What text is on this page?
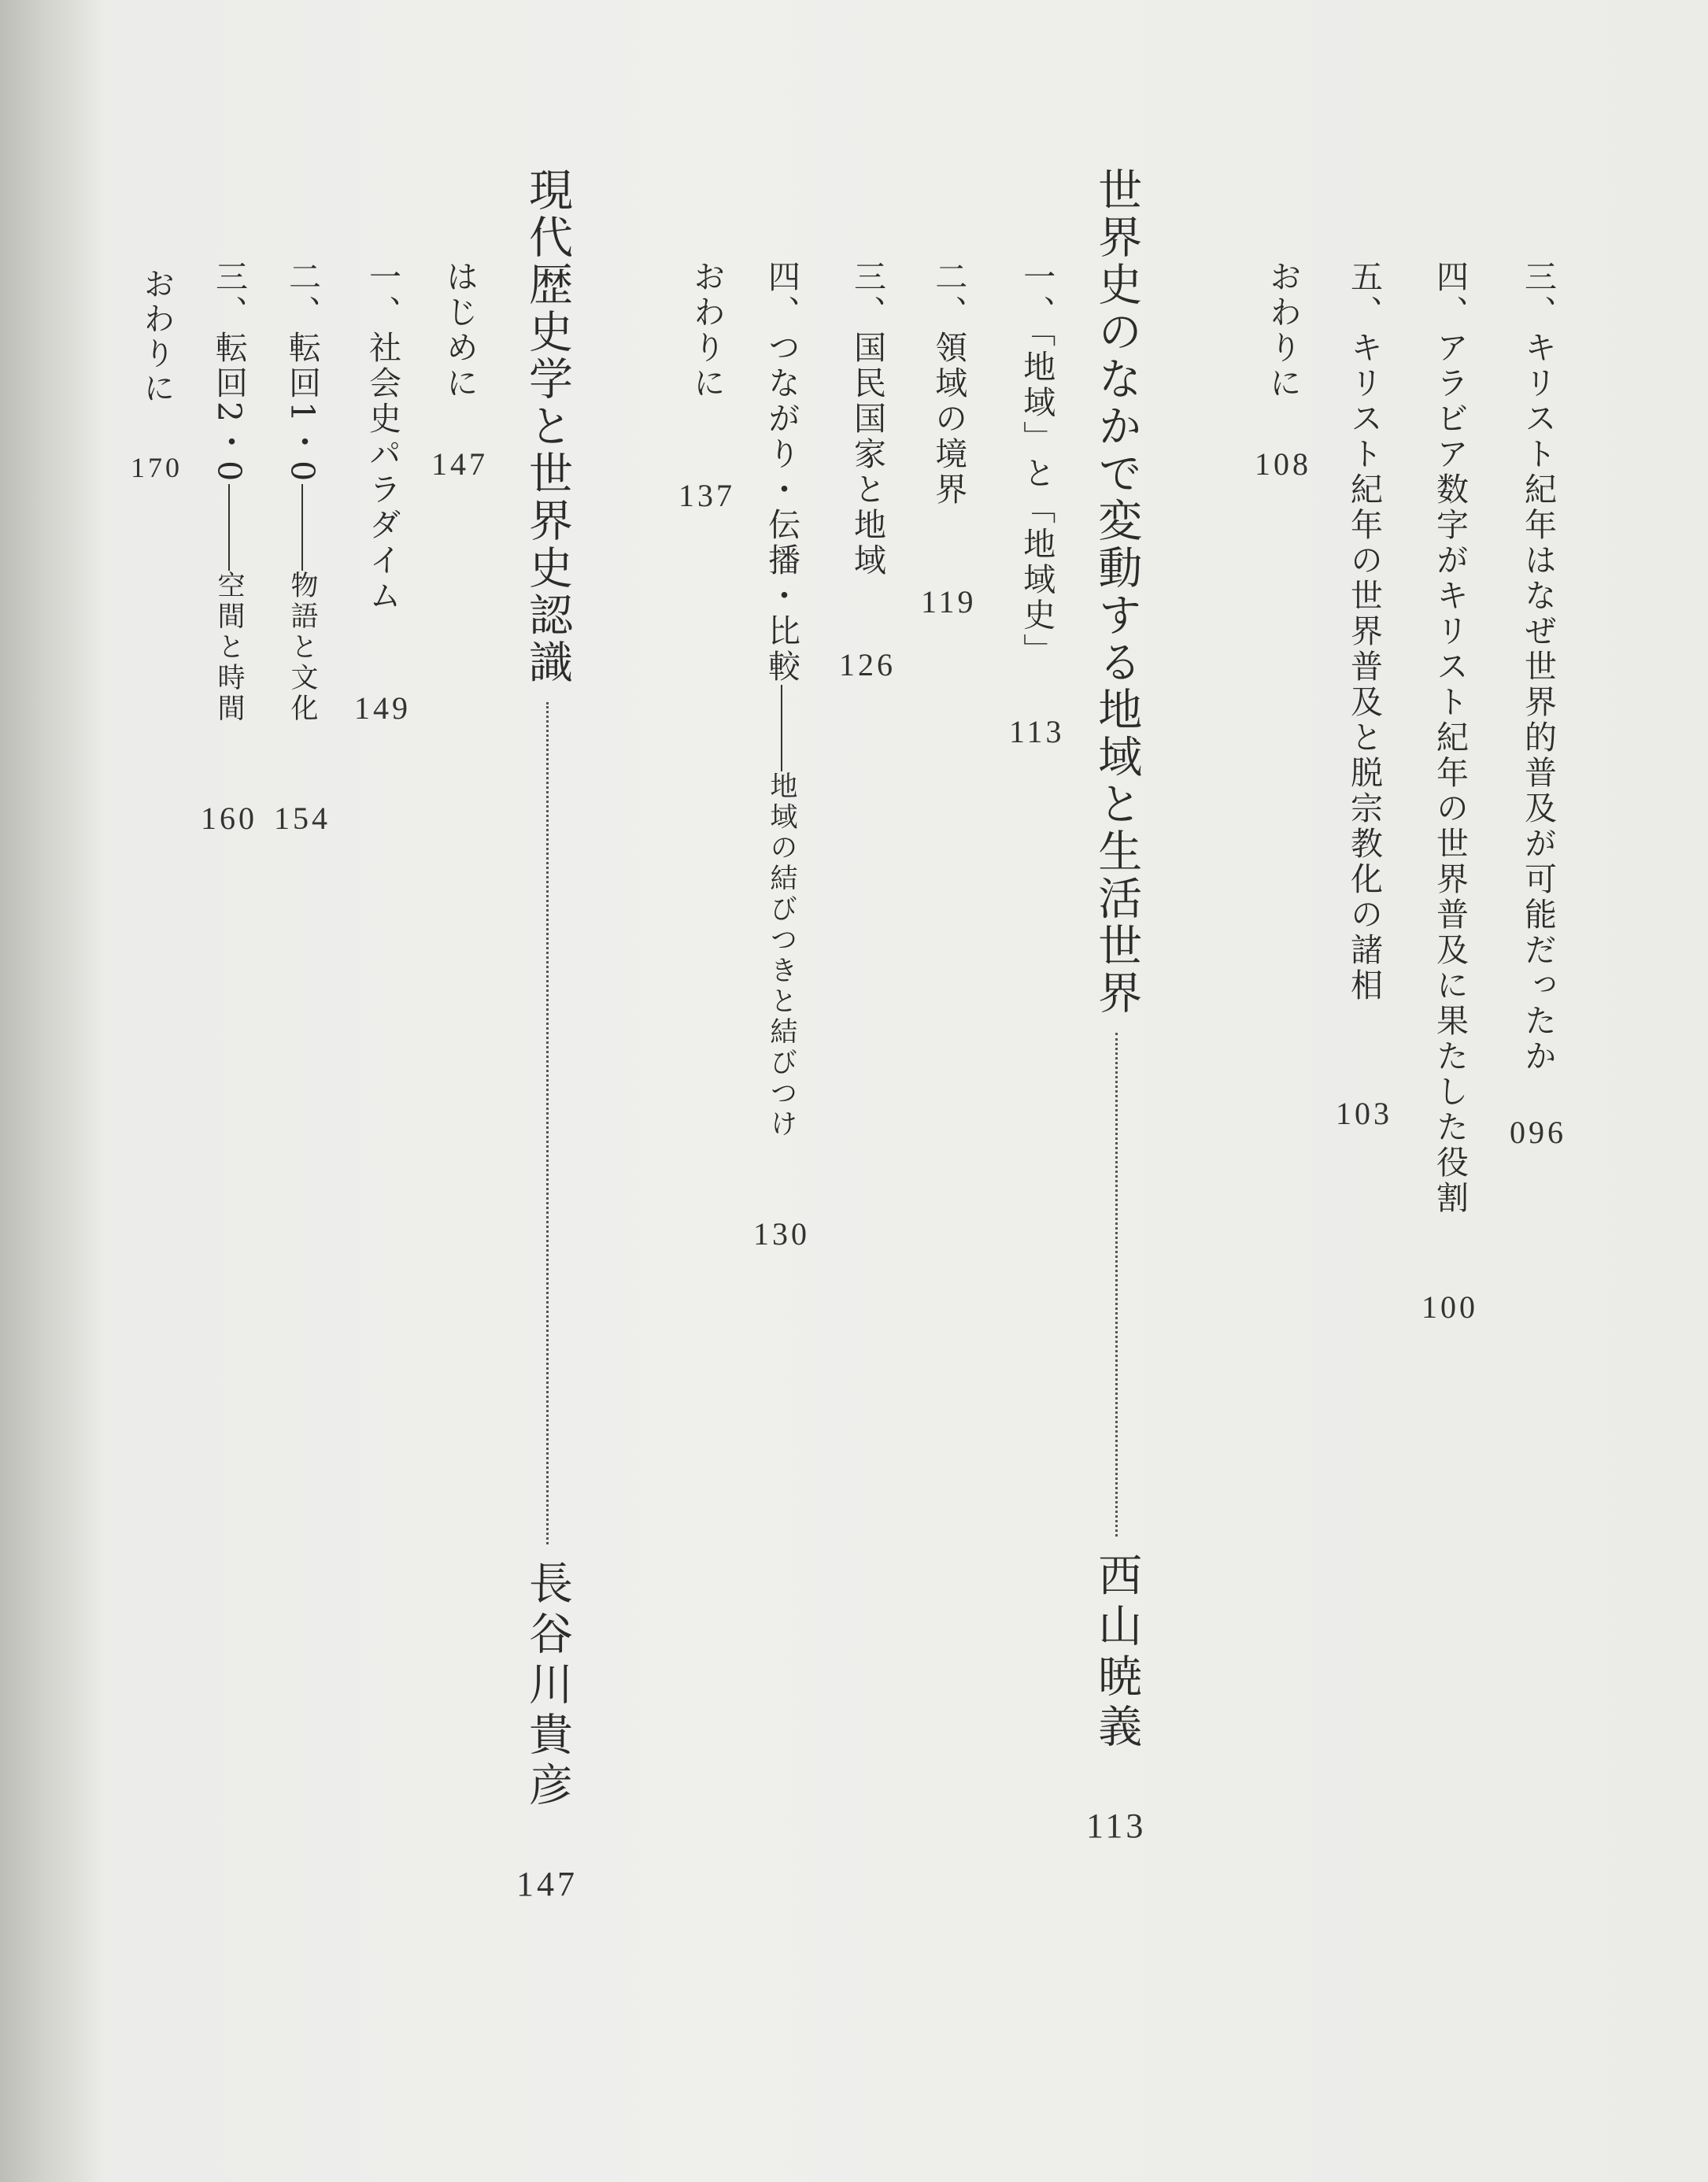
三、キリスト紀年はなぜ世界的普及が可能だったか096
四、アラビア数字がキリスト紀年の世界普及に果たした役割100
五、キリスト紀年の世界普及と脱宗教化の諸相103
おわりに108
世界史のなかで変動する地域と生活世界西山暁義113
一、「地域」と「地域史」113
二、領域の境界119
三、国民国家と地域126
四、つながり・伝播・比較地域の結びつきと結びつけ130
おわりに137
現代歴史学と世界史認識長谷川貴彦147
はじめに147
一、社会史パラダイム149
二、転回1・0物語と文化154
三、転回2・0空間と時間160
おわりに170
